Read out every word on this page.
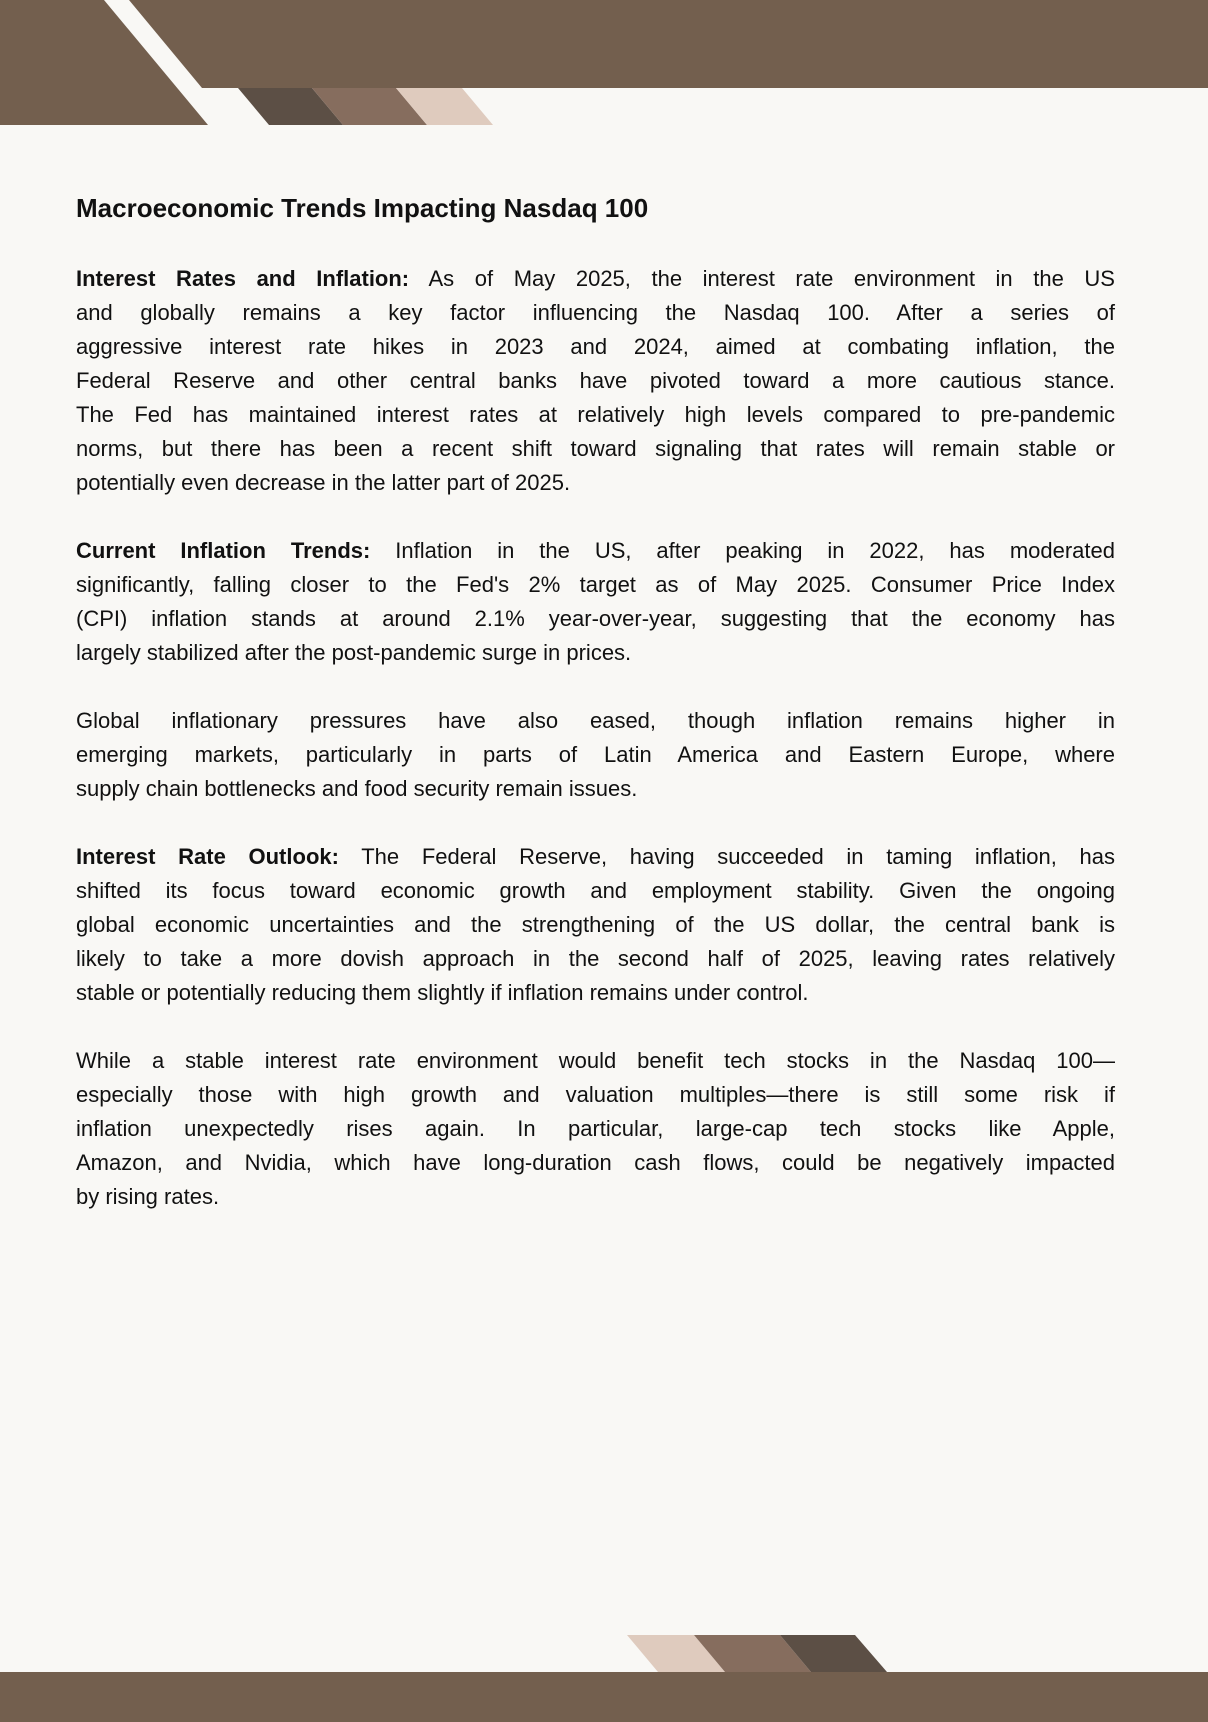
Macroeconomic Trends Impacting Nasdaq 100
Interest Rates and Inflation: As of May 2025, the interest rate environment in the US
and globally remains a key factor influencing the Nasdaq 100. After a series of
aggressive interest rate hikes in 2023 and 2024, aimed at combating inflation, the
Federal Reserve and other central banks have pivoted toward a more cautious stance.
The Fed has maintained interest rates at relatively high levels compared to pre-pandemic
norms, but there has been a recent shift toward signaling that rates will remain stable or
potentially even decrease in the latter part of 2025.
Current Inflation Trends: Inflation in the US, after peaking in 2022, has moderated
significantly, falling closer to the Fed's 2% target as of May 2025. Consumer Price Index
(CPI) inflation stands at around 2.1% year-over-year, suggesting that the economy has
largely stabilized after the post-pandemic surge in prices.
Global inflationary pressures have also eased, though inflation remains higher in
emerging markets, particularly in parts of Latin America and Eastern Europe, where
supply chain bottlenecks and food security remain issues.
Interest Rate Outlook: The Federal Reserve, having succeeded in taming inflation, has
shifted its focus toward economic growth and employment stability. Given the ongoing
global economic uncertainties and the strengthening of the US dollar, the central bank is
likely to take a more dovish approach in the second half of 2025, leaving rates relatively
stable or potentially reducing them slightly if inflation remains under control.
While a stable interest rate environment would benefit tech stocks in the Nasdaq 100—
especially those with high growth and valuation multiples—there is still some risk if
inflation unexpectedly rises again. In particular, large-cap tech stocks like Apple,
Amazon, and Nvidia, which have long-duration cash flows, could be negatively impacted
by rising rates.
